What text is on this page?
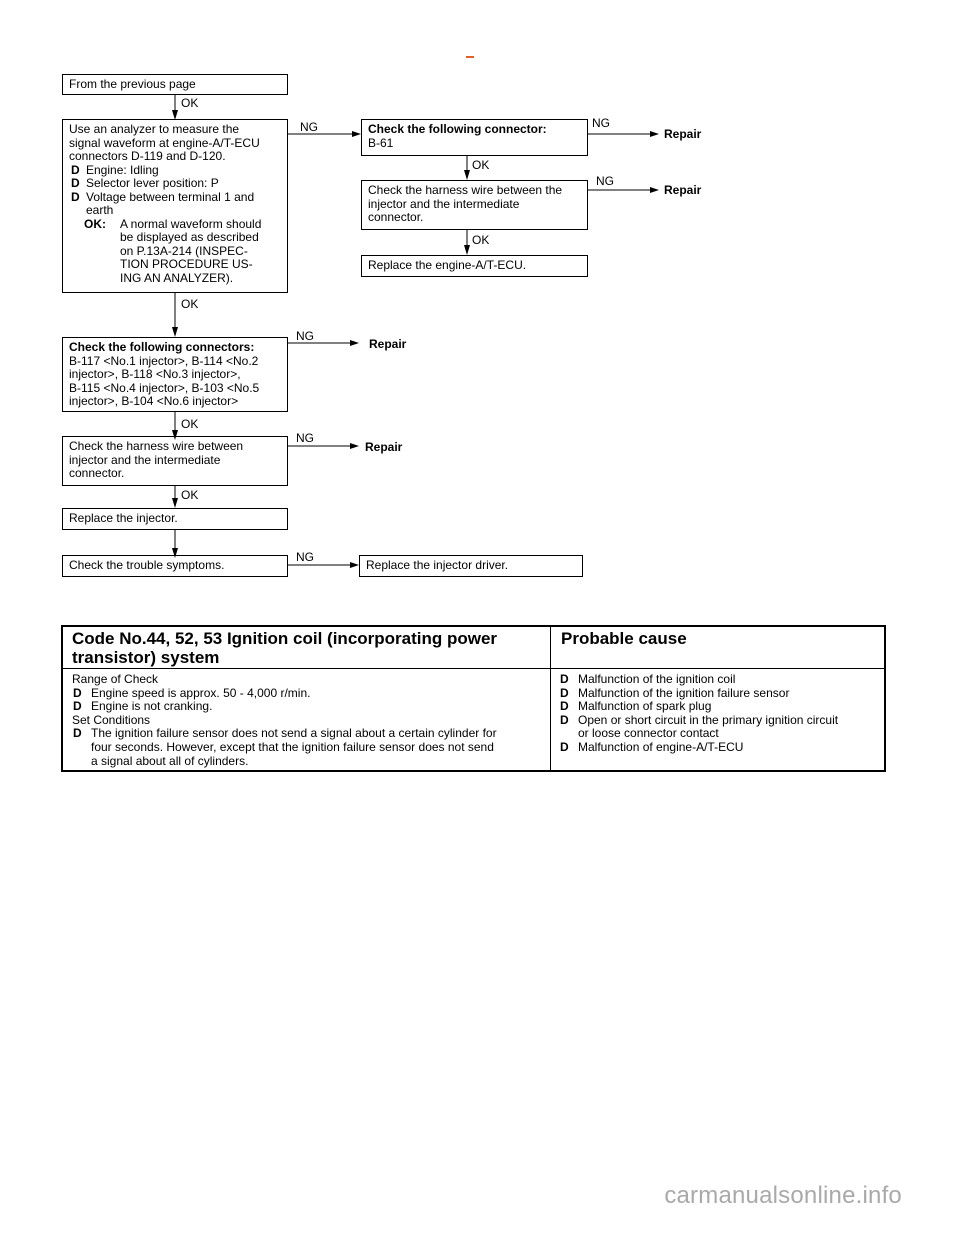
From the previous page
Use an analyzer to measure the
signal waveform at engine-A/T-ECU
connectors D-119 and D-120.
D Engine: Idling
D Selector lever position: P
D Voltage between terminal 1 and
earth
OK:	A normal waveform should
be displayed as described
on P.13A-214 (INSPEC-
TION PROCEDURE US-
ING AN ANALYZER).
Check the following connector:
B-61
Check the harness wire between the
injector and the intermediate
connector.
Replace the engine-A/T-ECU.
Check the following connectors:
B-117 <No.1 injector>, B-114 <No.2
injector>, B-118 <No.3 injector>,
B-115 <No.4 injector>, B-103 <No.5
injector>, B-104 <No.6 injector>
Check the harness wire between
injector and the intermediate
connector.
Replace the injector.
Check the trouble symptoms.	Replace the injector driver.
OK
OK
OK
OK
OK
OK
NG	NG
NG
NG
NG
NG
Repair
Repair
Repair
Repair
Code No.44, 52, 53 Ignition coil (incorporating power
transistor) system
Probable cause
Range of Check
D Engine speed is approx. 50 - 4,000 r/min.
D Engine is not cranking.
Set Conditions
D The ignition failure sensor does not send a signal about a certain cylinder for
four seconds. However, except that the ignition failure sensor does not send
a signal about all of cylinders.
D Malfunction of the ignition coil
D Malfunction of the ignition failure sensor
D Malfunction of spark plug
D Open or short circuit in the primary ignition circuit
or loose connector contact
D Malfunction of engine-A/T-ECU
carmanualsonline.info
